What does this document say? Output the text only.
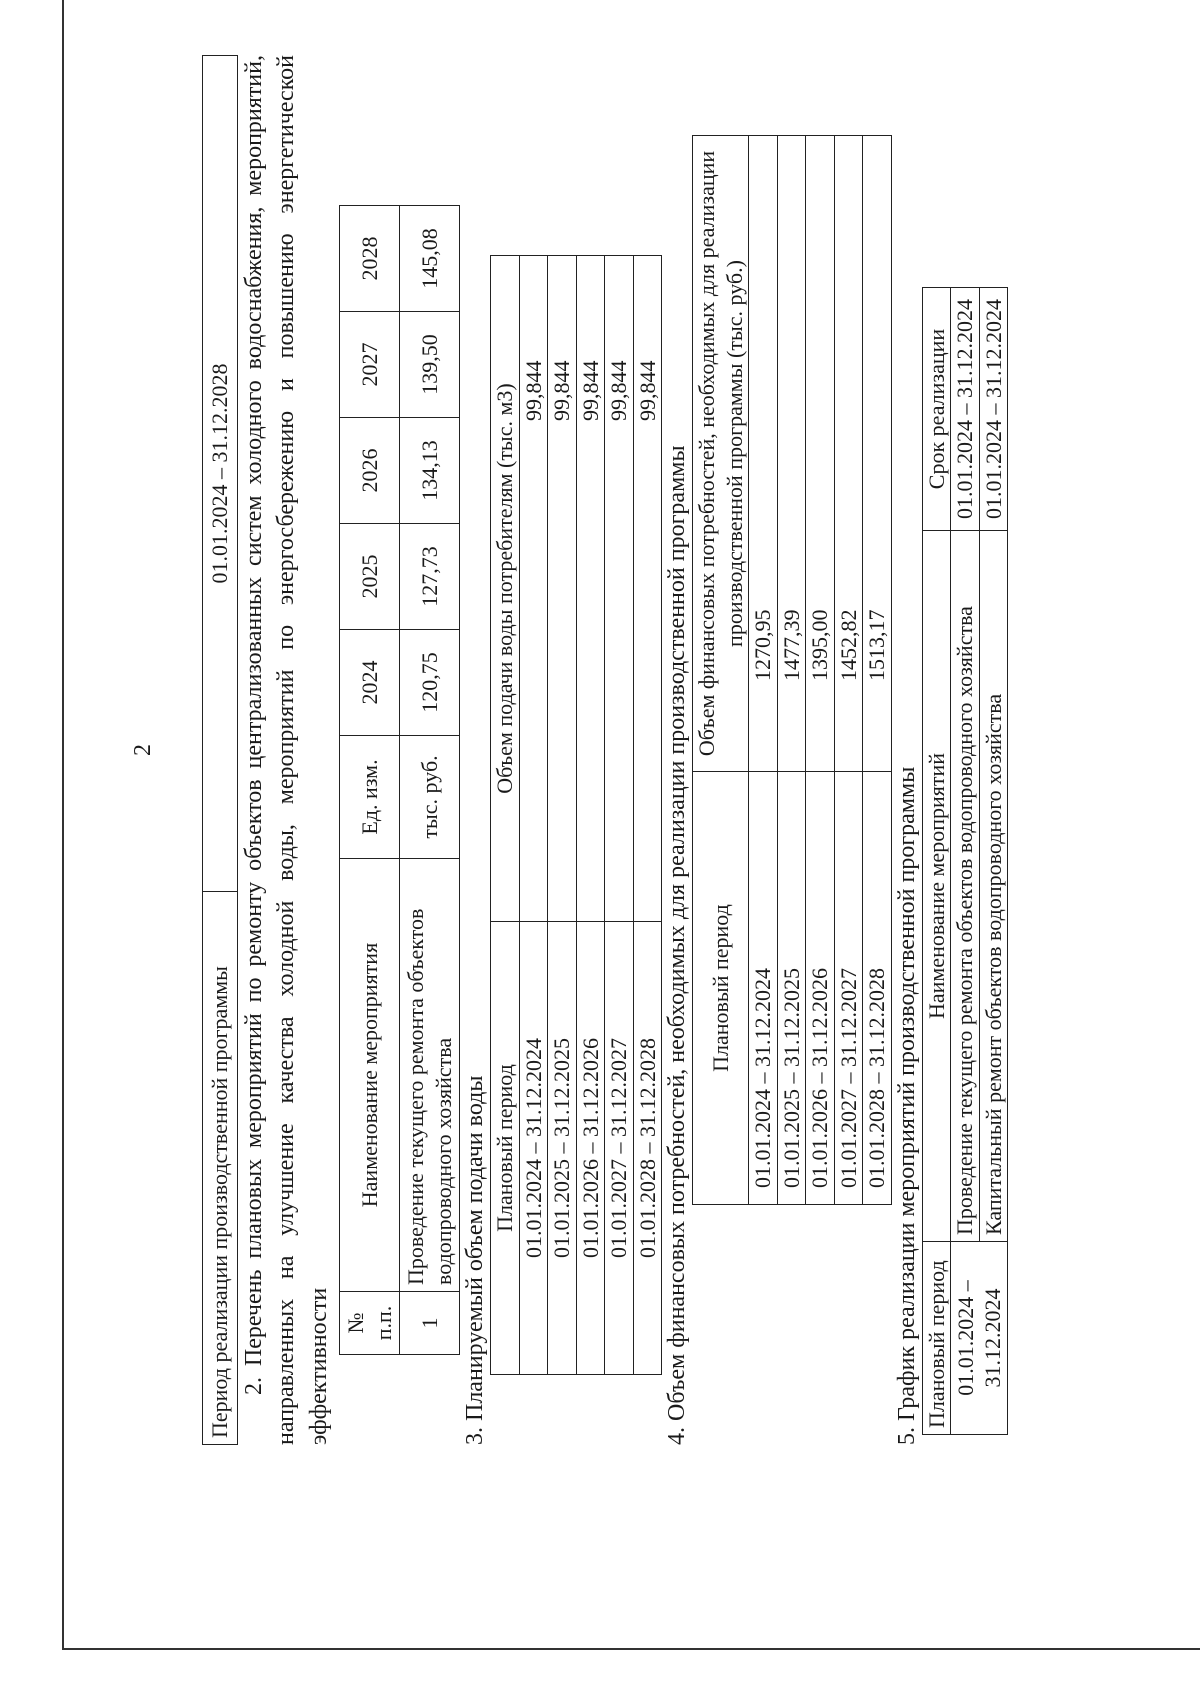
2
Период реализации производственной программы	01.01.2024 – 31.12.2028 2. Перечень плановых мероприятий по ремонту объектов централизованных систем холодного водоснабжения, мероприятий, направленных на улучшение качества холодной воды, мероприятий по энергосбережению и повышению энергетической эффективности № п.п.	Наименование мероприятия	Ед. изм.	2024	2025	2026	2027	2028
1	Проведение текущего ремонта объектов водопроводного хозяйства	тыс. руб.	120,75	127,73	134,13	139,50	145,08
3. Планируемый объем подачи воды Плановый период	Объем подачи воды потребителям (тыс. м3)
01.01.2024 – 31.12.2024	99,844
01.01.2025 – 31.12.2025	99,844
01.01.2026 – 31.12.2026	99,844
01.01.2027 – 31.12.2027	99,844
01.01.2028 – 31.12.2028	99,844
4. Объем финансовых потребностей, необходимых для реализации производственной программы Плановый период	Объем финансовых потребностей, необходимых для реализации производственной программы (тыс. руб.)
01.01.2024 – 31.12.2024	1270,95
01.01.2025 – 31.12.2025	1477,39
01.01.2026 – 31.12.2026	1395,00
01.01.2027 – 31.12.2027	1452,82
01.01.2028 – 31.12.2028	1513,17
5. График реализации мероприятий производственной программы Плановый период	Наименование мероприятий	Срок реализации
01.01.2024 – 31.12.2024	Проведение текущего ремонта объектов водопроводного хозяйства	01.01.2024 – 31.12.2024
	Капитальный ремонт объектов водопроводного хозяйства	01.01.2024 – 31.12.2024
